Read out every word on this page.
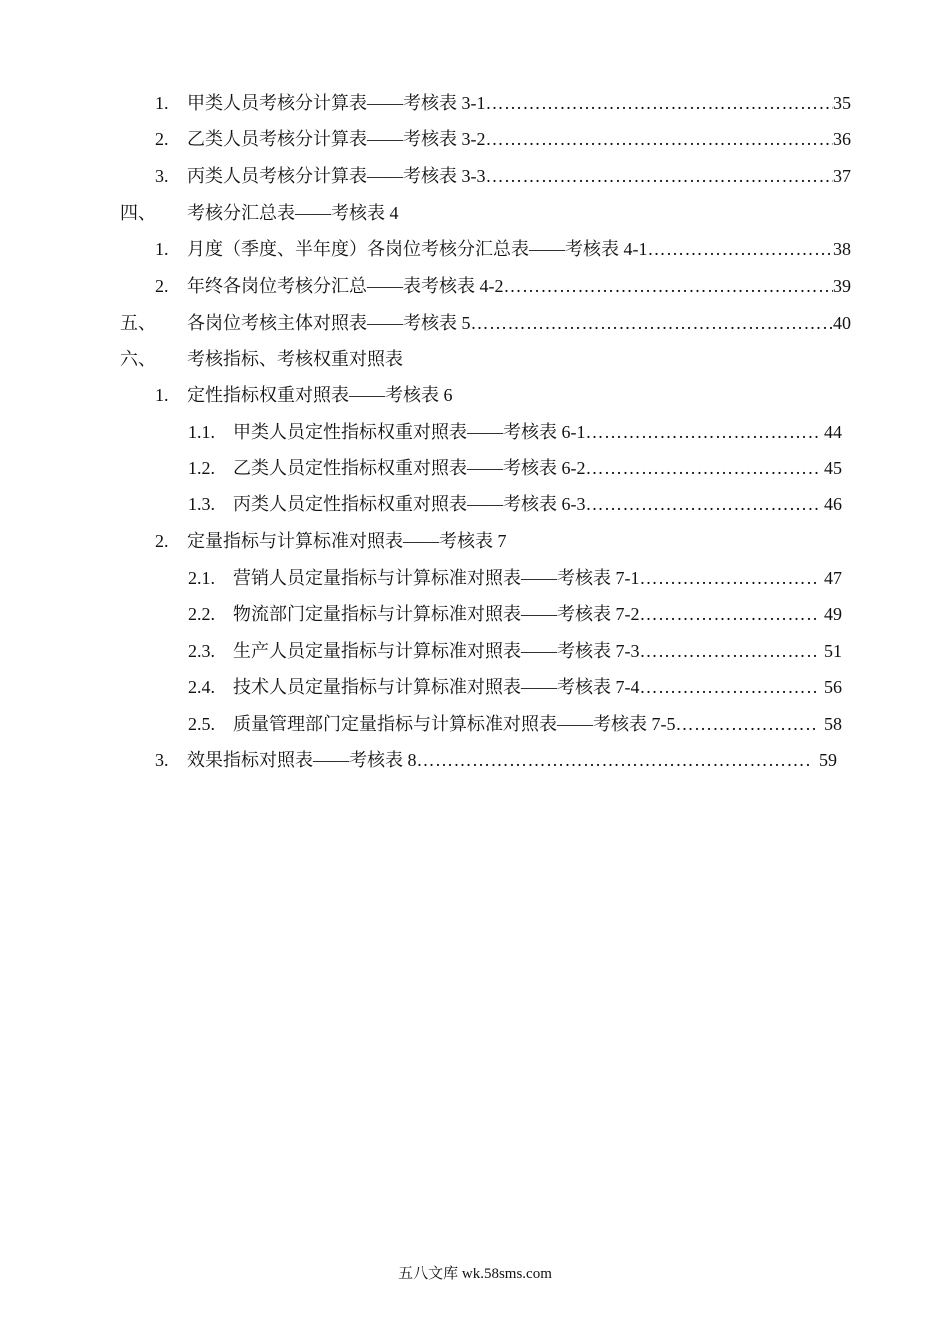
1.	甲类人员考核分计算表——考核表 3-1 ……………………………………………………………………………………………………………………………………………………………………………………………………………	35
2.	乙类人员考核分计算表——考核表 3-2 ……………………………………………………………………………………………………………………………………………………………………………………………………………	36
3.	丙类人员考核分计算表——考核表 3-3 ……………………………………………………………………………………………………………………………………………………………………………………………………………	37
四、	考核分汇总表——考核表 4
1.	月度（季度、半年度）各岗位考核分汇总表——考核表 4-1 ……………………………………………………………………………………………………………………………………………………………………………………………………………	38
2.	年终各岗位考核分汇总——表考核表 4-2 ……………………………………………………………………………………………………………………………………………………………………………………………………………	39
五、	各岗位考核主体对照表——考核表 5 ……………………………………………………………………………………………………………………………………………………………………………………………………………	40
六、	考核指标、考核权重对照表
1.	定性指标权重对照表——考核表 6
1.1.	甲类人员定性指标权重对照表——考核表 6-1 ……………………………………………………………………………………………………………………………………………………………………………………………………………	44
1.2.	乙类人员定性指标权重对照表——考核表 6-2 ……………………………………………………………………………………………………………………………………………………………………………………………………………	45
1.3.	丙类人员定性指标权重对照表——考核表 6-3 ……………………………………………………………………………………………………………………………………………………………………………………………………………	46
2.	定量指标与计算标准对照表——考核表 7
2.1.	营销人员定量指标与计算标准对照表——考核表 7-1 ……………………………………………………………………………………………………………………………………………………………………………………………………………	47
2.2.	物流部门定量指标与计算标准对照表——考核表 7-2 ……………………………………………………………………………………………………………………………………………………………………………………………………………	49
2.3.	生产人员定量指标与计算标准对照表——考核表 7-3 ……………………………………………………………………………………………………………………………………………………………………………………………………………	51
2.4.	技术人员定量指标与计算标准对照表——考核表 7-4 ……………………………………………………………………………………………………………………………………………………………………………………………………………	56
2.5.	质量管理部门定量指标与计算标准对照表——考核表 7-5 ……………………………………………………………………………………………………………………………………………………………………………………………………………	58
3.	效果指标对照表——考核表 8 ……………………………………………………………………………………………………………………………………………………………………………………………………………	59
五八文库 wk.58sms.com
